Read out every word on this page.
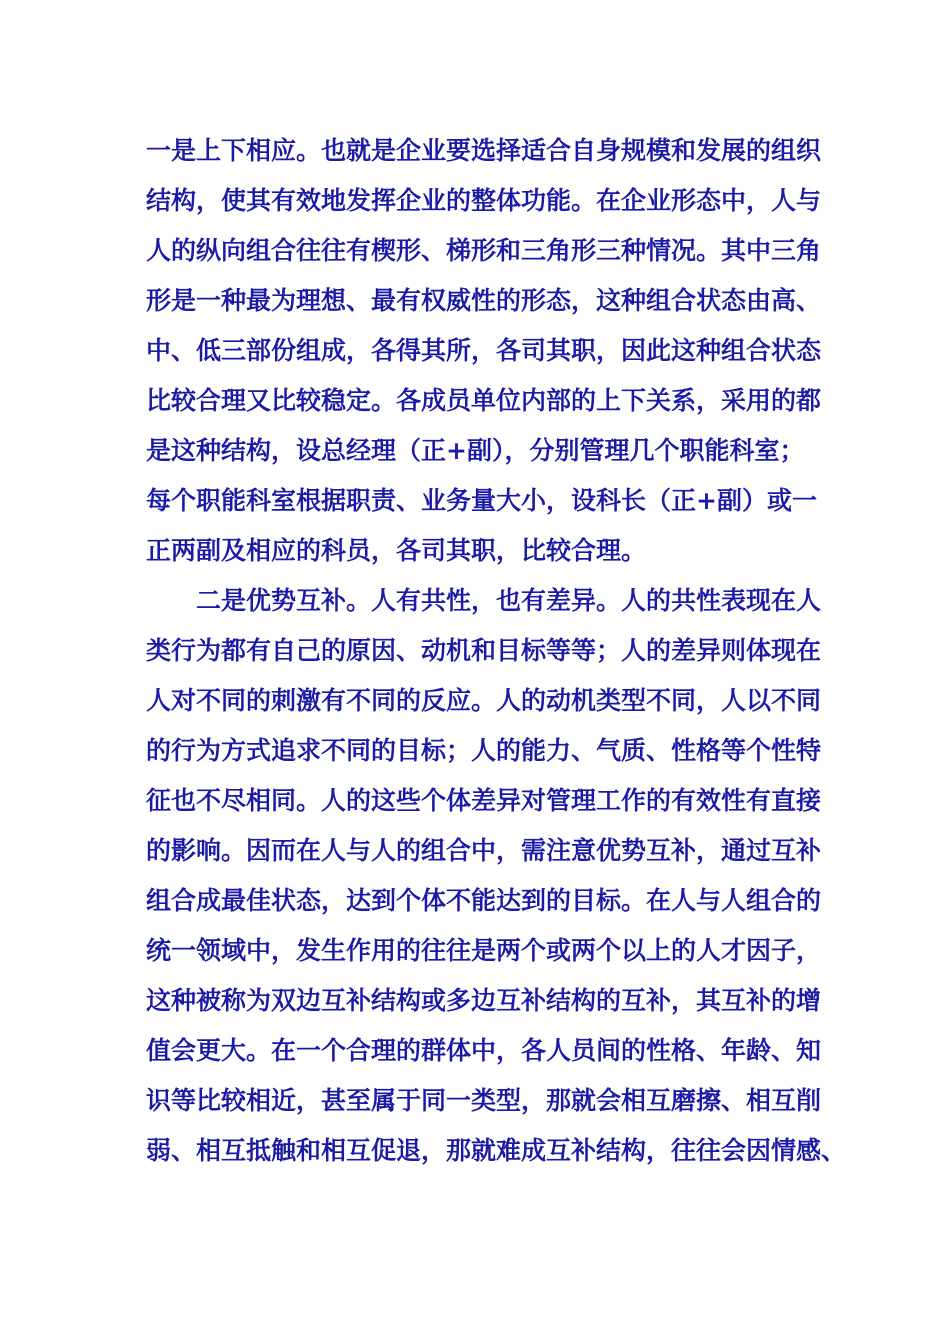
一是上下相应。也就是企业要选择适合自身规模和发展的组织
结构，使其有效地发挥企业的整体功能。在企业形态中，人与
人的纵向组合往往有楔形、梯形和三角形三种情况。其中三角
形是一种最为理想、最有权威性的形态，这种组合状态由高、
中、低三部份组成，各得其所，各司其职，因此这种组合状态
比较合理又比较稳定。各成员单位内部的上下关系，采用的都
是这种结构，设总经理（正+副），分别管理几个职能科室；
每个职能科室根据职责、业务量大小，设科长（正+副）或一
正两副及相应的科员，各司其职，比较合理。
二是优势互补。人有共性，也有差异。人的共性表现在人
类行为都有自己的原因、动机和目标等等；人的差异则体现在
人对不同的刺激有不同的反应。人的动机类型不同，人以不同
的行为方式追求不同的目标；人的能力、气质、性格等个性特
征也不尽相同。人的这些个体差异对管理工作的有效性有直接
的影响。因而在人与人的组合中，需注意优势互补，通过互补
组合成最佳状态，达到个体不能达到的目标。在人与人组合的
统一领域中，发生作用的往往是两个或两个以上的人才因子，
这种被称为双边互补结构或多边互补结构的互补，其互补的增
值会更大。在一个合理的群体中，各人员间的性格、年龄、知
识等比较相近，甚至属于同一类型，那就会相互磨擦、相互削
弱、相互抵触和相互促退，那就难成互补结构，往往会因情感、
